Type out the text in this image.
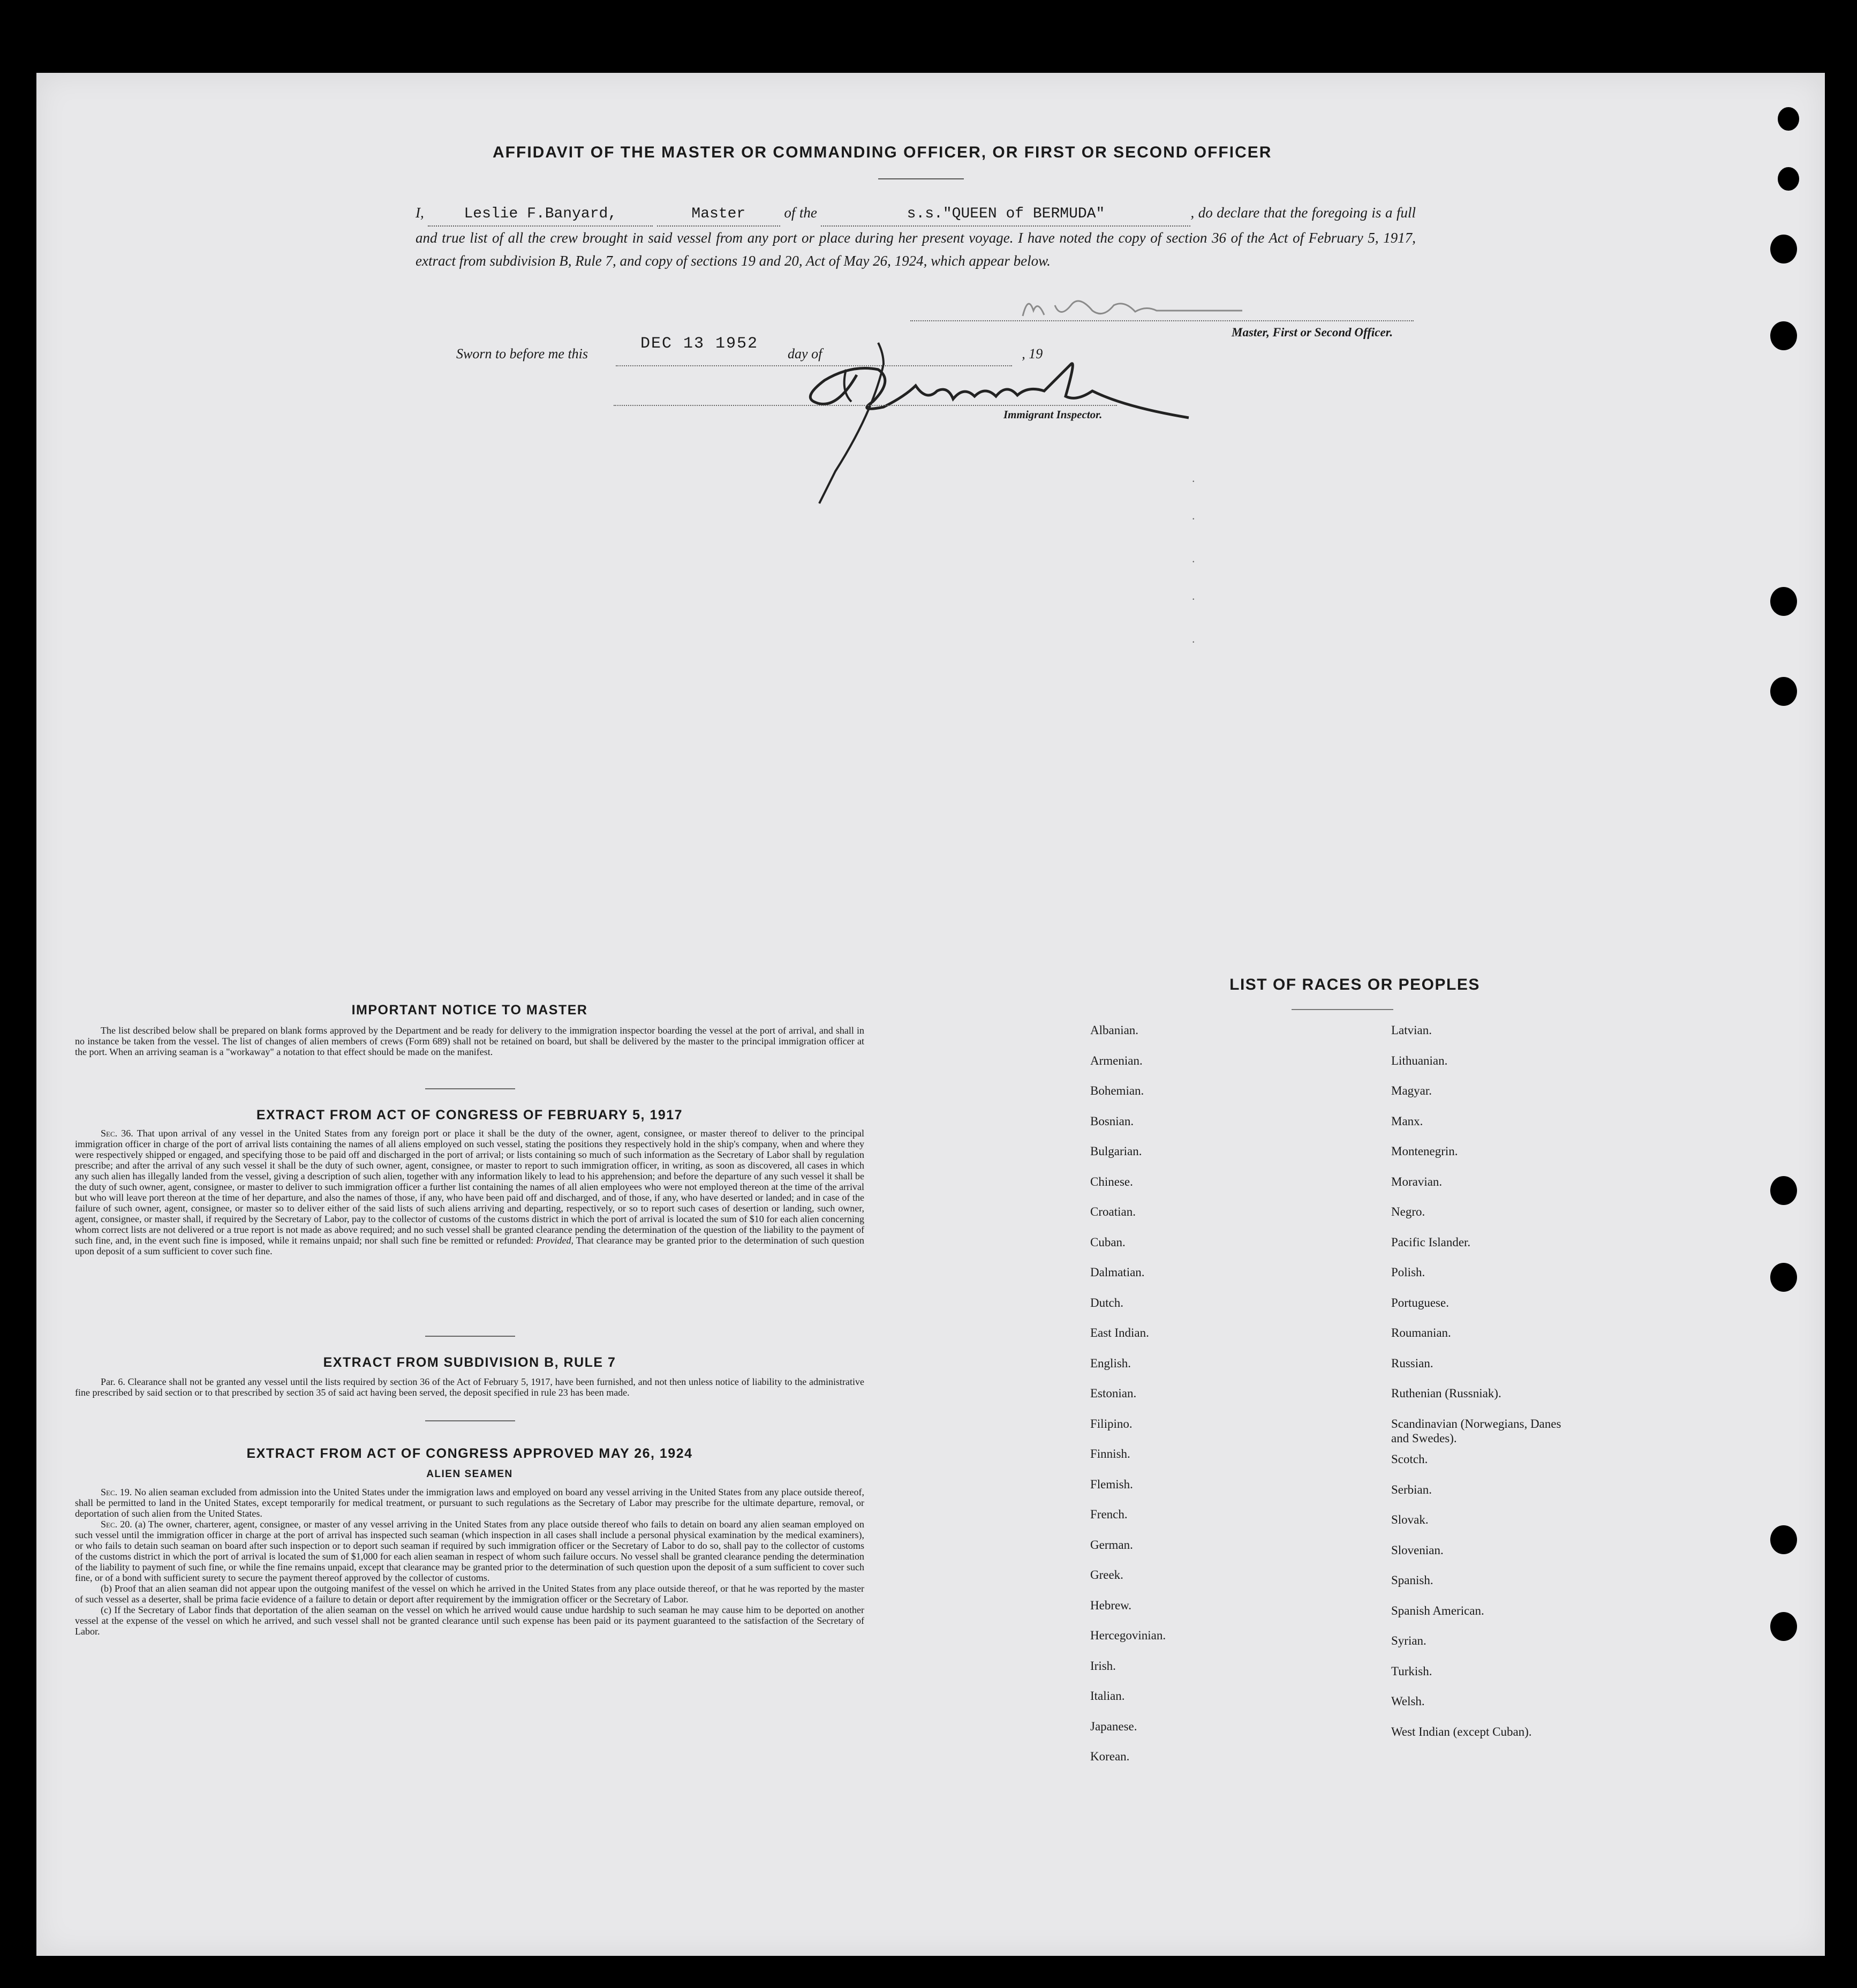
AFFIDAVIT OF THE MASTER OR COMMANDING OFFICER, OR FIRST OR SECOND OFFICER
I,	Leslie F.Banyard,	Master	of the	s.s."QUEEN of BERMUDA"	, do declare that the foregoing is a full and true list of all the crew brought in said vessel from any port or place during her present voyage. I have noted the copy of section 36 of the Act of February 5, 1917, extract from subdivision B, Rule 7, and copy of sections 19 and 20, Act of May 26, 1924, which appear below.
Master, First or Second Officer.
Sworn to before me this	day of	, 19
DEC 13 1952
Immigrant Inspector.
.
.
.
.
.
IMPORTANT NOTICE TO MASTER
The list described below shall be prepared on blank forms approved by the Department and be ready for delivery to the immigration inspector boarding the vessel at the port of arrival, and shall in no instance be taken from the vessel. The list of changes of alien members of crews (Form 689) shall not be retained on board, but shall be delivered by the master to the principal immigration officer at the port. When an arriving seaman is a "workaway" a notation to that effect should be made on the manifest.
EXTRACT FROM ACT OF CONGRESS OF FEBRUARY 5, 1917
Sec. 36. That upon arrival of any vessel in the United States from any foreign port or place it shall be the duty of the owner, agent, consignee, or master thereof to deliver to the principal immigration officer in charge of the port of arrival lists containing the names of all aliens employed on such vessel, stating the positions they respectively hold in the ship's company, when and where they were respectively shipped or engaged, and specifying those to be paid off and discharged in the port of arrival; or lists containing so much of such information as the Secretary of Labor shall by regulation prescribe; and after the arrival of any such vessel it shall be the duty of such owner, agent, consignee, or master to report to such immigration officer, in writing, as soon as discovered, all cases in which any such alien has illegally landed from the vessel, giving a description of such alien, together with any information likely to lead to his apprehension; and before the departure of any such vessel it shall be the duty of such owner, agent, consignee, or master to deliver to such immigration officer a further list containing the names of all alien employees who were not employed thereon at the time of the arrival but who will leave port thereon at the time of her departure, and also the names of those, if any, who have been paid off and discharged, and of those, if any, who have deserted or landed; and in case of the failure of such owner, agent, consignee, or master so to deliver either of the said lists of such aliens arriving and departing, respectively, or so to report such cases of desertion or landing, such owner, agent, consignee, or master shall, if required by the Secretary of Labor, pay to the collector of customs of the customs district in which the port of arrival is located the sum of $10 for each alien concerning whom correct lists are not delivered or a true report is not made as above required; and no such vessel shall be granted clearance pending the determination of the question of the liability to the payment of such fine, and, in the event such fine is imposed, while it remains unpaid; nor shall such fine be remitted or refunded: Provided, That clearance may be granted prior to the determination of such question upon deposit of a sum sufficient to cover such fine.
EXTRACT FROM SUBDIVISION B, RULE 7
Par. 6. Clearance shall not be granted any vessel until the lists required by section 36 of the Act of February 5, 1917, have been furnished, and not then unless notice of liability to the administrative fine prescribed by said section or to that prescribed by section 35 of said act having been served, the deposit specified in rule 23 has been made.
EXTRACT FROM ACT OF CONGRESS APPROVED MAY 26, 1924
ALIEN SEAMEN
Sec. 19. No alien seaman excluded from admission into the United States under the immigration laws and employed on board any vessel arriving in the United States from any place outside thereof, shall be permitted to land in the United States, except temporarily for medical treatment, or pursuant to such regulations as the Secretary of Labor may prescribe for the ultimate departure, removal, or deportation of such alien from the United States.
Sec. 20. (a) The owner, charterer, agent, consignee, or master of any vessel arriving in the United States from any place outside thereof who fails to detain on board any alien seaman employed on such vessel until the immigration officer in charge at the port of arrival has inspected such seaman (which inspection in all cases shall include a personal physical examination by the medical examiners), or who fails to detain such seaman on board after such inspection or to deport such seaman if required by such immigration officer or the Secretary of Labor to do so, shall pay to the collector of customs of the customs district in which the port of arrival is located the sum of $1,000 for each alien seaman in respect of whom such failure occurs. No vessel shall be granted clearance pending the determination of the liability to payment of such fine, or while the fine remains unpaid, except that clearance may be granted prior to the determination of such question upon the deposit of a sum sufficient to cover such fine, or of a bond with sufficient surety to secure the payment thereof approved by the collector of customs.
(b) Proof that an alien seaman did not appear upon the outgoing manifest of the vessel on which he arrived in the United States from any place outside thereof, or that he was reported by the master of such vessel as a deserter, shall be prima facie evidence of a failure to detain or deport after requirement by the immigration officer or the Secretary of Labor.
(c) If the Secretary of Labor finds that deportation of the alien seaman on the vessel on which he arrived would cause undue hardship to such seaman he may cause him to be deported on another vessel at the expense of the vessel on which he arrived, and such vessel shall not be granted clearance until such expense has been paid or its payment guaranteed to the satisfaction of the Secretary of Labor.
LIST OF RACES OR PEOPLES
Albanian.
Armenian.
Bohemian.
Bosnian.
Bulgarian.
Chinese.
Croatian.
Cuban.
Dalmatian.
Dutch.
East Indian.
English.
Estonian.
Filipino.
Finnish.
Flemish.
French.
German.
Greek.
Hebrew.
Hercegovinian.
Irish.
Italian.
Japanese.
Korean.
Latvian.
Lithuanian.
Magyar.
Manx.
Montenegrin.
Moravian.
Negro.
Pacific Islander.
Polish.
Portuguese.
Roumanian.
Russian.
Ruthenian (Russniak).
Scandinavian (Norwegians, Danes and Swedes).
Scotch.
Serbian.
Slovak.
Slovenian.
Spanish.
Spanish American.
Syrian.
Turkish.
Welsh.
West Indian (except Cuban).
